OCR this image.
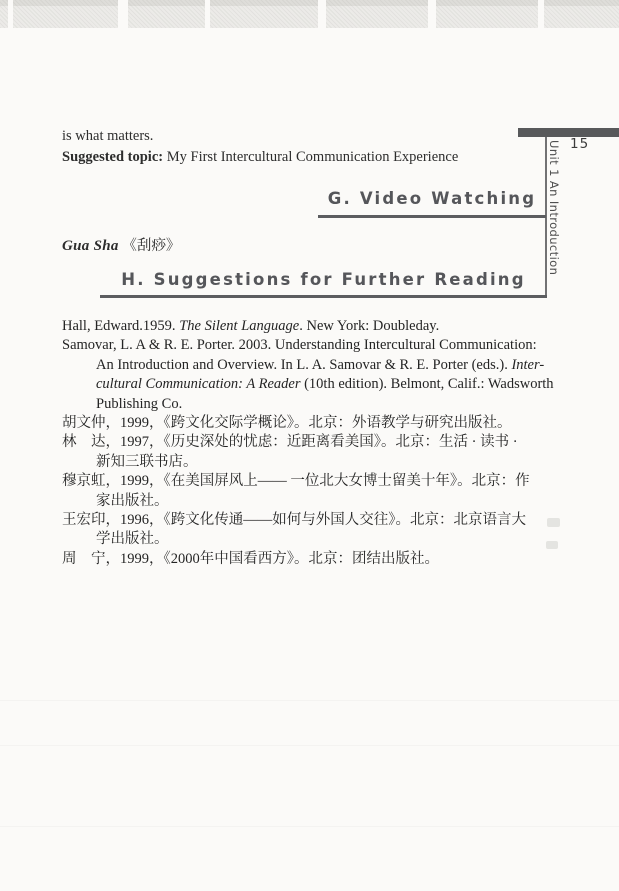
is what matters.
Suggested topic: My First Intercultural Communication Experience
15
Unit 1 An Introduction
G. Video Watching
Gua Sha 《刮痧》
H. Suggestions for Further Reading
Hall, Edward.1959. The Silent Language. New York: Doubleday.
Samovar, L. A & R. E. Porter. 2003. Understanding Intercultural Communication:
An Introduction and Overview. In L. A. Samovar & R. E. Porter (eds.). Inter-
cultural Communication: A Reader (10th edition). Belmont, Calif.: Wadsworth
Publishing Co.
胡文仲，1999，《跨文化交际学概论》。北京：外语教学与研究出版社。
林　达，1997，《历史深处的忧虑：近距离看美国》。北京：生活 · 读书 ·
新知三联书店。
穆京虹，1999，《在美国屏风上—— 一位北大女博士留美十年》。北京：作
家出版社。
王宏印，1996，《跨文化传通——如何与外国人交往》。北京：北京语言大
学出版社。
周　宁，1999，《2000年中国看西方》。北京：团结出版社。
